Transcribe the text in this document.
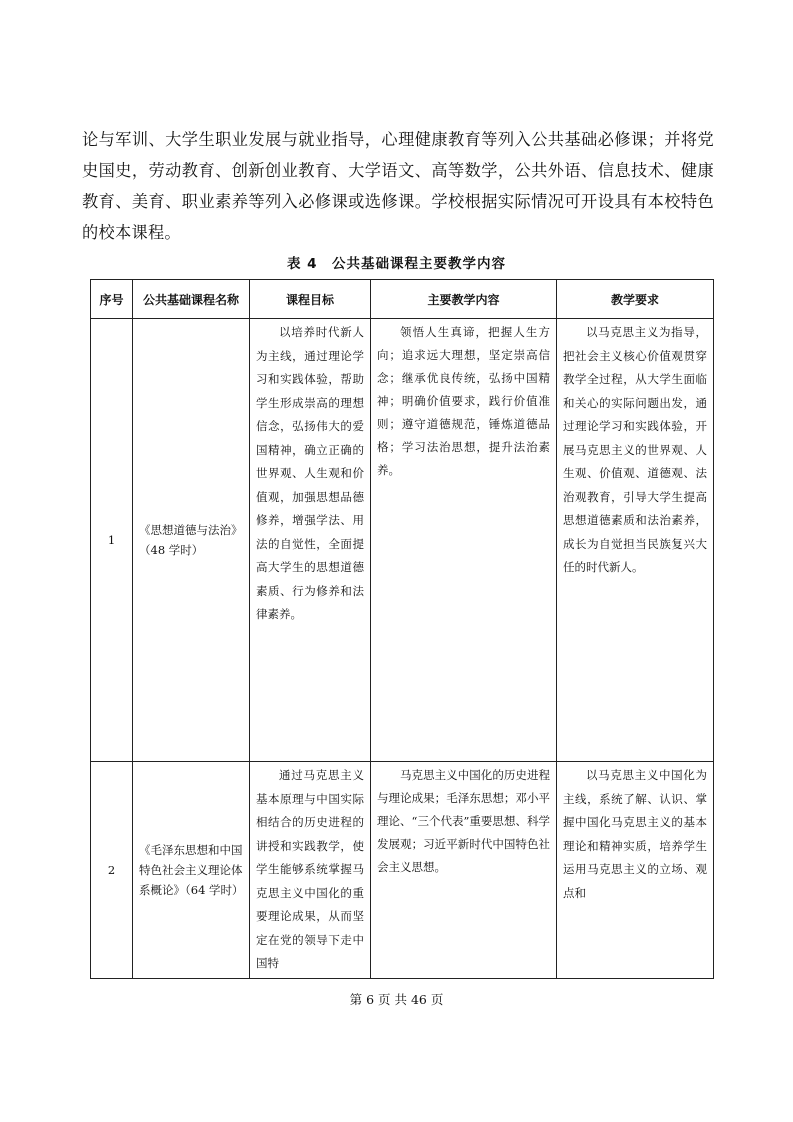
论与军训、大学生职业发展与就业指导，心理健康教育等列入公共基础必修课；并将党史国史，劳动教育、创新创业教育、大学语文、高等数学，公共外语、信息技术、健康教育、美育、职业素养等列入必修课或选修课。学校根据实际情况可开设具有本校特色的校本课程。

表 4　公共基础课程主要教学内容
序号	公共基础课程名称	课程目标	主要教学内容	教学要求
1	《思想道德与法治》（48 学时）	以培养时代新人为主线，通过理论学习和实践体验，帮助学生形成崇高的理想信念，弘扬伟大的爱国精神，确立正确的世界观、人生观和价值观，加强思想品德修养，增强学法、用法的自觉性，全面提高大学生的思想道德素质、行为修养和法律素养。	领悟人生真谛，把握人生方向；追求远大理想，坚定崇高信念；继承优良传统，弘扬中国精神；明确价值要求，践行价值准则；遵守道德规范，锤炼道德品格；学习法治思想，提升法治素养。	以马克思主义为指导，把社会主义核心价值观贯穿教学全过程，从大学生面临和关心的实际问题出发，通过理论学习和实践体验，开展马克思主义的世界观、人生观、价值观、道德观、法治观教育，引导大学生提高思想道德素质和法治素养，成长为自觉担当民族复兴大任的时代新人。

2	《毛泽东思想和中国特色社会主义理论体系概论》（64 学时）	通过马克思主义基本原理与中国实际相结合的历史进程的讲授和实践教学，使学生能够系统掌握马克思主义中国化的重要理论成果，从而坚定在党的领导下走中国特	马克思主义中国化的历史进程与理论成果；毛泽东思想；邓小平理论、“三个代表”重要思想、科学发展观；习近平新时代中国特色社会主义思想。	以马克思主义中国化为主线，系统了解、认识、掌握中国化马克思主义的基本理论和精神实质，培养学生运用马克思主义的立场、观点和
第 6 页 共 46 页
